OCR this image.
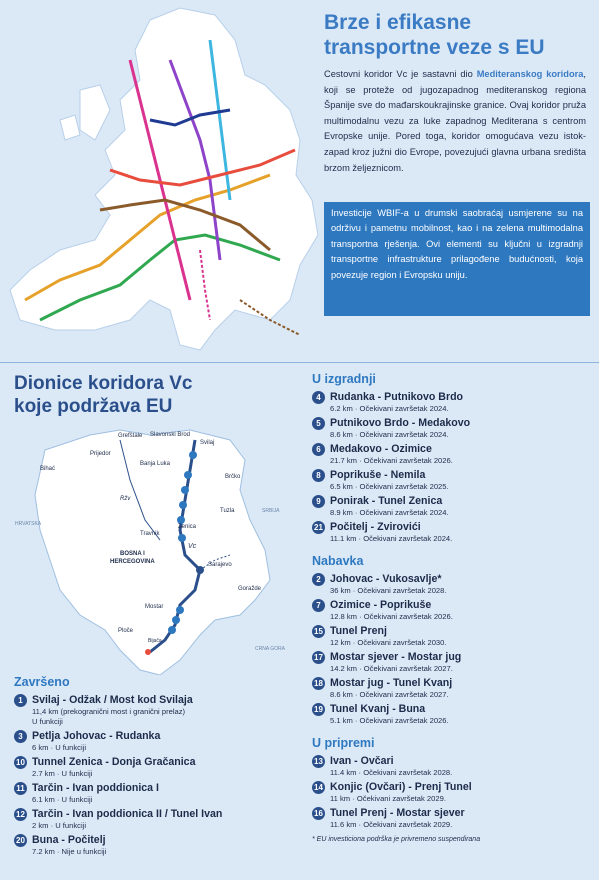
Brze i efikasne
transportne veze s EU

Cestovni koridor Vc je sastavni dio Mediteranskog koridora, koji se proteže od jugozapadnog mediteranskog regiona Španije sve do mađarskoukrajinske granice. Ovaj koridor pruža multimodalnu vezu za luke zapadnog Mediterana s centrom Evropske unije. Pored toga, koridor omogućava vezu istok-zapad kroz južni dio Evrope, povezujući glavna urbana središta brzom željeznicom.

Investicije WBIF-a u drumski saobraćaj usmjerene su na održivu i pametnu mobilnost, kao i na zelena multimodalna transportna rješenja. Ovi elementi su ključni u izgradnji transportne infrastrukture prilagođene budućnosti, koja povezuje region i Evropsku uniju.
Dionice koridora Vc
koje podržava EU
Grefštale Slavonski Brod
Svilaj
Prijedor
Bihać
Banja Luka
Brčko
Ržv
Tuzla
HRVATSKA
SRBIJA
Travnik
Zenica
BOSNA I
HERCEGOVINA
Vc
Sarajevo
Goražde
Mostar
Ploče
Bijača
CRNA GORA
Završeno
1 Svilaj - Odžak / Most kod Svilaja
11,4 km (prekogranični most i granični prelaz)
U funkciji
3 Petlja Johovac - Rudanka
6 km · U funkciji
10 Tunnel Zenica - Donja Gračanica
2.7 km · U funkciji
11 Tarčin - Ivan poddionica I
6.1 km · U funkciji
12 Tarčin - Ivan poddionica II / Tunel Ivan
2 km · U funkciji
20 Buna - Počitelj
7.2 km · Nije u funkciji
U izgradnji
4 Rudanka - Putnikovo Brdo
6.2 km · Očekivani završetak 2024.
5 Putnikovo Brdo - Medakovo
8.6 km · Očekivani završetak 2024.
6 Medakovo - Ozimice
21.7 km · Očekivani završetak 2026.
8 Poprikuše - Nemila
6.5 km · Očekivani završetak 2025.
9 Ponirak - Tunel Zenica
8.9 km · Očekivani završetak 2024.
21 Počitelj - Zvirovići
11.1 km · Očekivani završetak 2024.
Nabavka
2 Johovac - Vukosavlje*
36 km · Očekivani završetak 2028.
7 Ozimice - Poprikuše
12.8 km · Očekivani završetak 2026.
15 Tunel Prenj
12 km · Očekivani završetak 2030.
17 Mostar sjever - Mostar jug
14.2 km · Očekivani završetak 2027.
18 Mostar jug - Tunel Kvanj
8.6 km · Očekivani završetak 2027.
19 Tunel Kvanj - Buna
5.1 km · Očekivani završetak 2026.
U pripremi
13 Ivan - Ovčari
11.4 km · Očekivani završetak 2028.
14 Konjic (Ovčari) - Prenj Tunel
11 km · Očekivani završetak 2029.
16 Tunel Prenj - Mostar sjever
11.6 km · Očekivani završetak 2029.
* EU investiciona podrška je privremeno suspendirana
